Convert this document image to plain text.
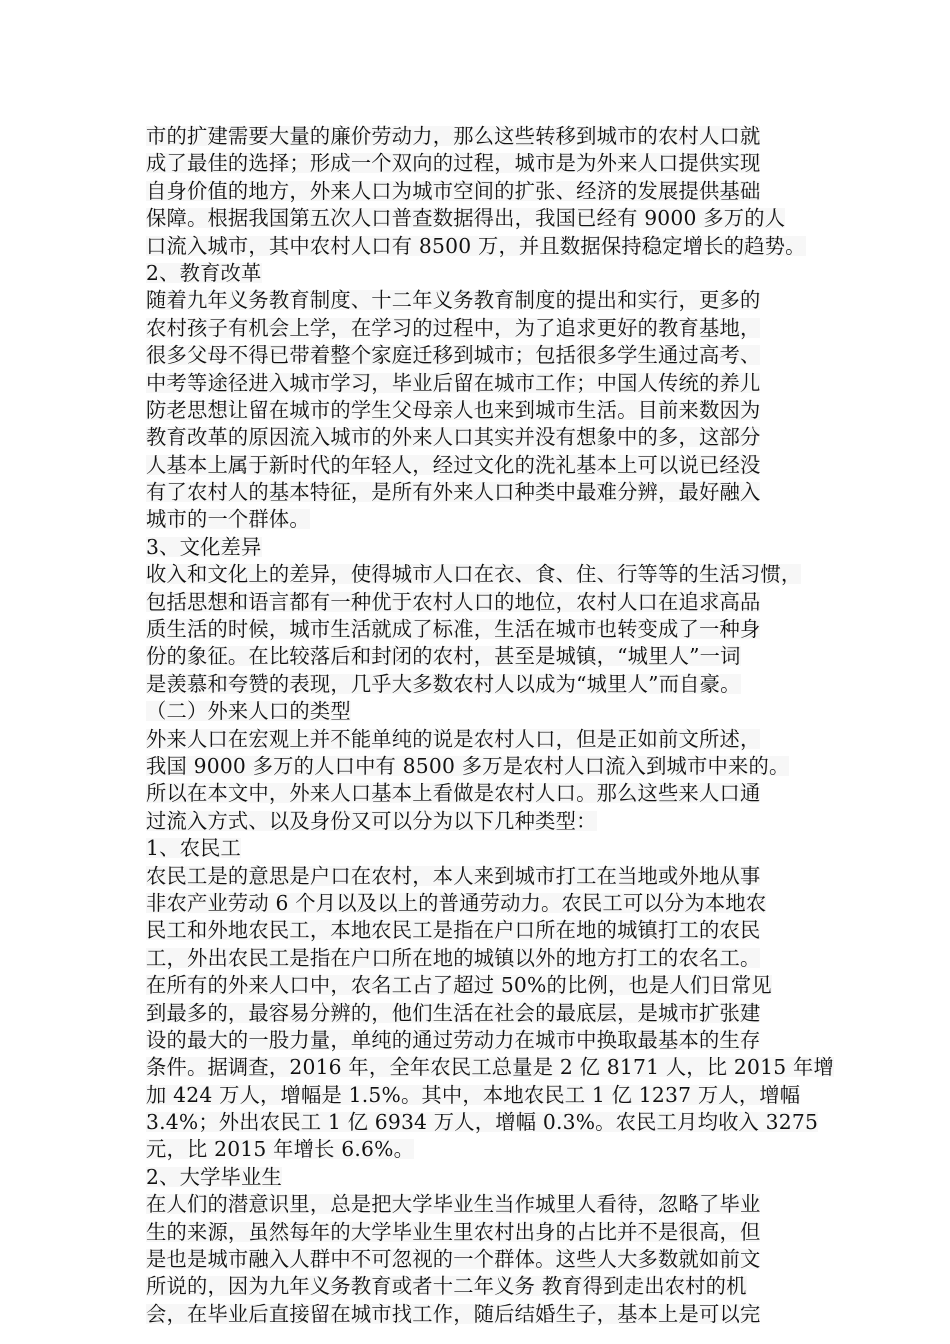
市的扩建需要大量的廉价劳动力，那么这些转移到城市的农村人口就
成了最佳的选择；形成一个双向的过程，城市是为外来人口提供实现
自身价值的地方，外来人口为城市空间的扩张、经济的发展提供基础
保障。根据我国第五次人口普查数据得出，我国已经有 9000 多万的人
口流入城市，其中农村人口有 8500 万，并且数据保持稳定增长的趋势。
2、教育改革
随着九年义务教育制度、十二年义务教育制度的提出和实行，更多的
农村孩子有机会上学，在学习的过程中，为了追求更好的教育基地，
很多父母不得已带着整个家庭迁移到城市；包括很多学生通过高考、
中考等途径进入城市学习，毕业后留在城市工作；中国人传统的养儿
防老思想让留在城市的学生父母亲人也来到城市生活。目前来数因为
教育改革的原因流入城市的外来人口其实并没有想象中的多，这部分
人基本上属于新时代的年轻人，经过文化的洗礼基本上可以说已经没
有了农村人的基本特征，是所有外来人口种类中最难分辨，最好融入
城市的一个群体。
3、文化差异
收入和文化上的差异，使得城市人口在衣、食、住、行等等的生活习惯，
包括思想和语言都有一种优于农村人口的地位，农村人口在追求高品
质生活的时候，城市生活就成了标准，生活在城市也转变成了一种身
份的象征。在比较落后和封闭的农村，甚至是城镇，“城里人”一词
是羡慕和夸赞的表现，几乎大多数农村人以成为“城里人”而自豪。
（二）外来人口的类型
外来人口在宏观上并不能单纯的说是农村人口，但是正如前文所述，
我国 9000 多万的人口中有 8500 多万是农村人口流入到城市中来的。
所以在本文中，外来人口基本上看做是农村人口。那么这些来人口通
过流入方式、以及身份又可以分为以下几种类型：
1、农民工
农民工是的意思是户口在农村，本人来到城市打工在当地或外地从事
非农产业劳动 6 个月以及以上的普通劳动力。农民工可以分为本地农
民工和外地农民工，本地农民工是指在户口所在地的城镇打工的农民
工，外出农民工是指在户口所在地的城镇以外的地方打工的农名工。
在所有的外来人口中，农名工占了超过 50%的比例，也是人们日常见
到最多的，最容易分辨的，他们生活在社会的最底层，是城市扩张建
设的最大的一股力量，单纯的通过劳动力在城市中换取最基本的生存
条件。据调查，2016 年，全年农民工总量是 2 亿 8171 人，比 2015 年增
加 424 万人，增幅是 1.5%。其中，本地农民工 1 亿 1237 万人，增幅
3.4%；外出农民工 1 亿 6934 万人，增幅 0.3%。农民工月均收入 3275
元，比 2015 年增长 6.6%。
2、大学毕业生
在人们的潜意识里，总是把大学毕业生当作城里人看待，忽略了毕业
生的来源，虽然每年的大学毕业生里农村出身的占比并不是很高，但
是也是城市融入人群中不可忽视的一个群体。这些人大多数就如前文
所说的，因为九年义务教育或者十二年义务 教育得到走出农村的机
会，在毕业后直接留在城市找工作，随后结婚生子，基本上是可以完
